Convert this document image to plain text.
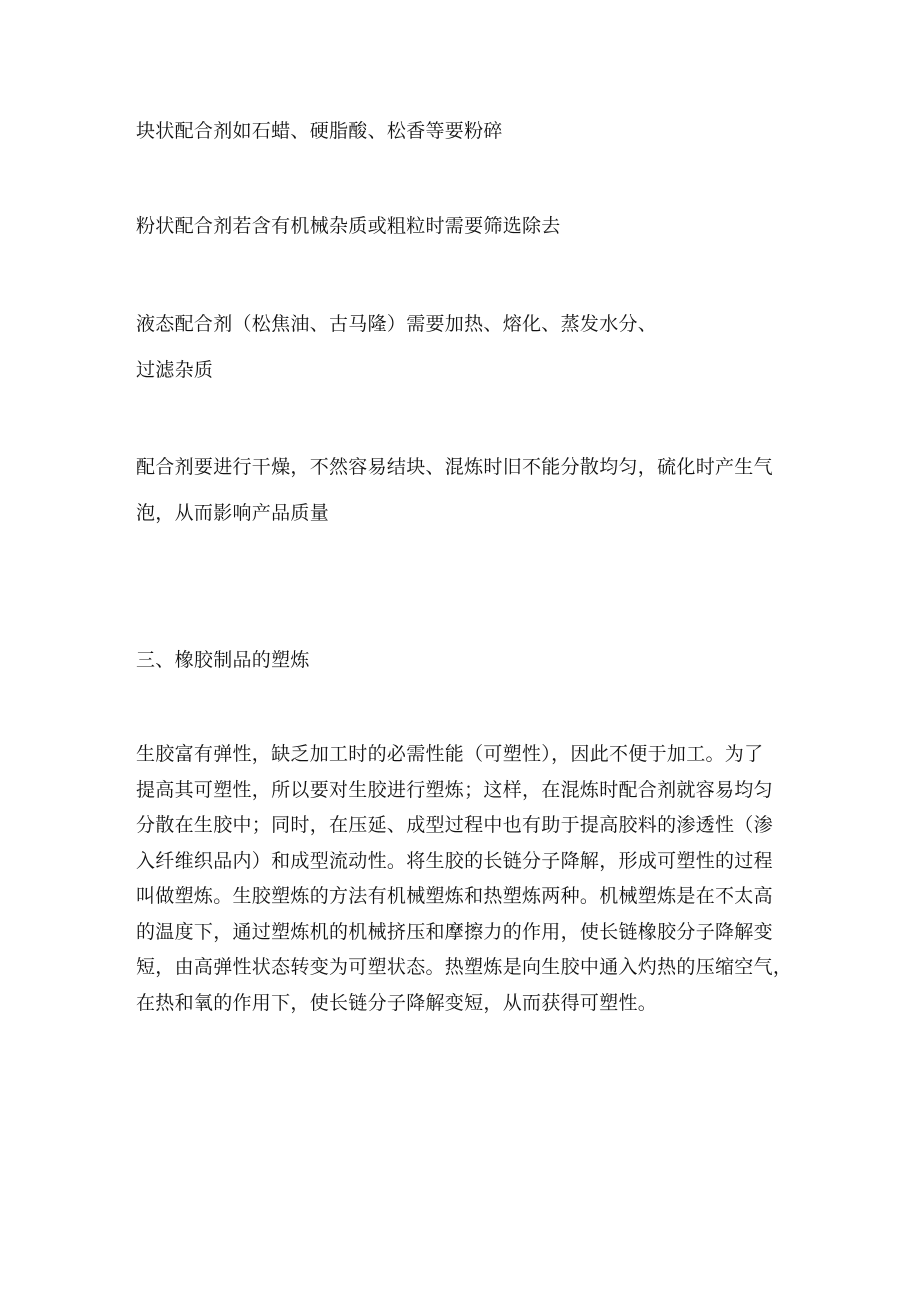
块状配合剂如石蜡、硬脂酸、松香等要粉碎

粉状配合剂若含有机械杂质或粗粒时需要筛选除去

液态配合剂（松焦油、古马隆）需要加热、熔化、蒸发水分、
过滤杂质

配合剂要进行干燥，不然容易结块、混炼时旧不能分散均匀，硫化时产生气
泡，从而影响产品质量

三、橡胶制品的塑炼

生胶富有弹性，缺乏加工时的必需性能（可塑性），因此不便于加工。为了
提高其可塑性，所以要对生胶进行塑炼；这样，在混炼时配合剂就容易均匀
分散在生胶中；同时，在压延、成型过程中也有助于提高胶料的渗透性（渗
入纤维织品内）和成型流动性。将生胶的长链分子降解，形成可塑性的过程
叫做塑炼。生胶塑炼的方法有机械塑炼和热塑炼两种。机械塑炼是在不太高
的温度下，通过塑炼机的机械挤压和摩擦力的作用，使长链橡胶分子降解变
短，由高弹性状态转变为可塑状态。热塑炼是向生胶中通入灼热的压缩空气，
在热和氧的作用下，使长链分子降解变短，从而获得可塑性。
